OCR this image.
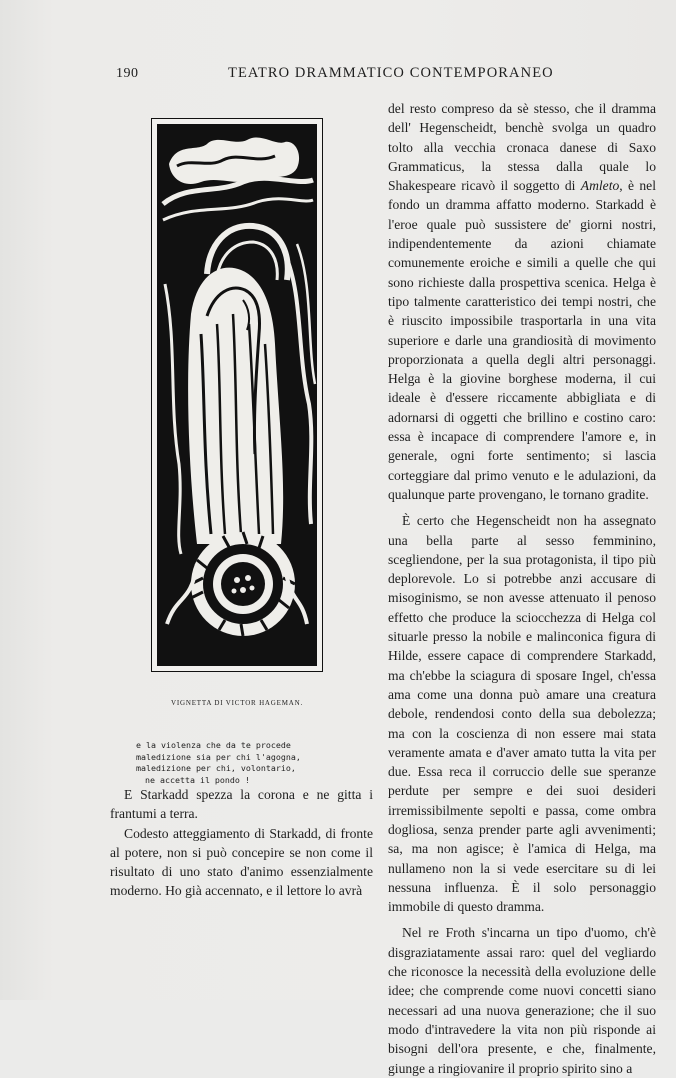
190	TEATRO DRAMMATICO CONTEMPORANEO
VIGNETTA DI VICTOR HAGEMAN.
e la violenza che da te procede
maledizione sia per chi l'agogna,
maledizione per chi, volontario,
ne accetta il pondo !

E Starkadd spezza la corona e ne gitta i frantumi a terra.

Codesto atteggiamento di Starkadd, di fronte al potere, non si può concepire se non come il risultato di uno stato d'animo essenzialmente moderno. Ho già accennato, e il lettore lo avrà

del resto compreso da sè stesso, che il dramma dell' Hegenscheidt, benchè svolga un quadro tolto alla vecchia cronaca danese di Saxo Grammaticus, la stessa dalla quale lo Shakespeare ricavò il soggetto di Amleto, è nel fondo un dramma affatto moderno. Starkadd è l'eroe quale può sussistere de' giorni nostri, indipendentemente da azioni chiamate comunemente eroiche e simili a quelle che qui sono richieste dalla prospettiva scenica. Helga è tipo talmente caratteristico dei tempi nostri, che è riuscito impossibile trasportarla in una vita superiore e darle una grandiosità di movimento proporzionata a quella degli altri personaggi. Helga è la giovine borghese moderna, il cui ideale è d'essere riccamente abbigliata e di adornarsi di oggetti che brillino e costino caro: essa è incapace di comprendere l'amore e, in generale, ogni forte sentimento; si lascia corteggiare dal primo venuto e le adulazioni, da qualunque parte provengano, le tornano gradite.

È certo che Hegenscheidt non ha assegnato una bella parte al sesso femminino, scegliendone, per la sua protagonista, il tipo più deplorevole. Lo si potrebbe anzi accusare di misoginismo, se non avesse attenuato il penoso effetto che produce la sciocchezza di Helga col situarle presso la nobile e malinconica figura di Hilde, essere capace di comprendere Starkadd, ma ch'ebbe la sciagura di sposare Ingel, ch'essa ama come una donna può amare una creatura debole, rendendosi conto della sua debolezza; ma con la coscienza di non essere mai stata veramente amata e d'aver amato tutta la vita per due. Essa reca il corruccio delle sue speranze perdute per sempre e dei suoi desideri irremissibilmente sepolti e passa, come ombra dogliosa, senza prender parte agli avvenimenti; sa, ma non agisce; è l'amica di Helga, ma nullameno non la si vede esercitare su di lei nessuna influenza. È il solo personaggio immobile di questo dramma.

Nel re Froth s'incarna un tipo d'uomo, ch'è disgraziatamente assai raro: quel del vegliardo che riconosce la necessità della evoluzione delle idee; che comprende come nuovi concetti siano necessari ad una nuova generazione; che il suo modo d'intravedere la vita non più risponde ai bisogni dell'ora presente, e che, finalmente, giunge a ringiovanire il proprio spirito sino a
